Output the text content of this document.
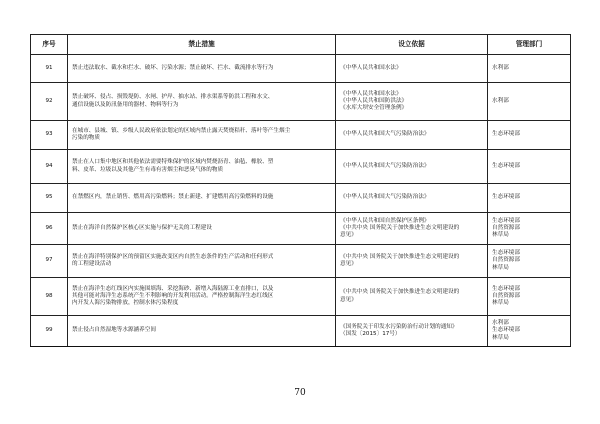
序号	禁止措施	设立依据	管理部门
91	禁止违法取水、截水和拦水、破坏、污染水源；禁止破坏、拦水、截流排水等行为	《中华人民共和国水法》	水利部

92	禁止破坏、侵占、损毁堤防、水闸、护岸、抽水站、排水渠系等防洪工程和水文、
通信设施以及防汛备用的器材、物料等行为	《中华人民共和国水法》
《中华人民共和国防洪法》
《水库大坝安全管理条例》	水利部

93	在城市、县城、镇、乡级人民政府依法划定的区域内禁止露天焚烧秸秆、落叶等产生烟尘
污染的物质	《中华人民共和国大气污染防治法》	生态环境部

94	禁止在人口集中地区和其他依法需要特殊保护的区域内焚烧沥青、油毡、橡胶、塑
料、皮革、垃圾以及其他产生有毒有害烟尘和恶臭气体的物质	《中华人民共和国大气污染防治法》	生态环境部

95	在禁燃区内，禁止销售、燃用高污染燃料；禁止新建、扩建燃用高污染燃料的设施	《中华人民共和国大气污染防治法》	生态环境部

96	禁止在海洋自然保护区核心区实施与保护无关的工程建设	《中华人民共和国自然保护区条例》
《中共中央 国务院关于加快推进生态文明建设的
意见》	生态环境部
自然资源部
林草局

97	禁止在海洋特别保护区的预留区实施改变区内自然生态条件的生产活动和任何形式
的工程建设活动	《中共中央 国务院关于加快推进生态文明建设的
意见》	生态环境部
自然资源部
林草局

98	禁止在海洋生态红线区内实施围填海、采挖海砂、新增入海陆源工业直排口，以及
其他可能对海洋生态系统产生不利影响的开发利用活动。严格控制海洋生态红线区
内开发人海污染物排放，控制水体污染程度	《中共中央 国务院关于加快推进生态文明建设的
意见》	生态环境部
自然资源部
林草局

99	禁止侵占自然湿地等水源涵养空间	《国务院关于印发水污染防治行动计划的通知》
（国发〔2015〕17号）	水利部
生态环境部
林草局
70
